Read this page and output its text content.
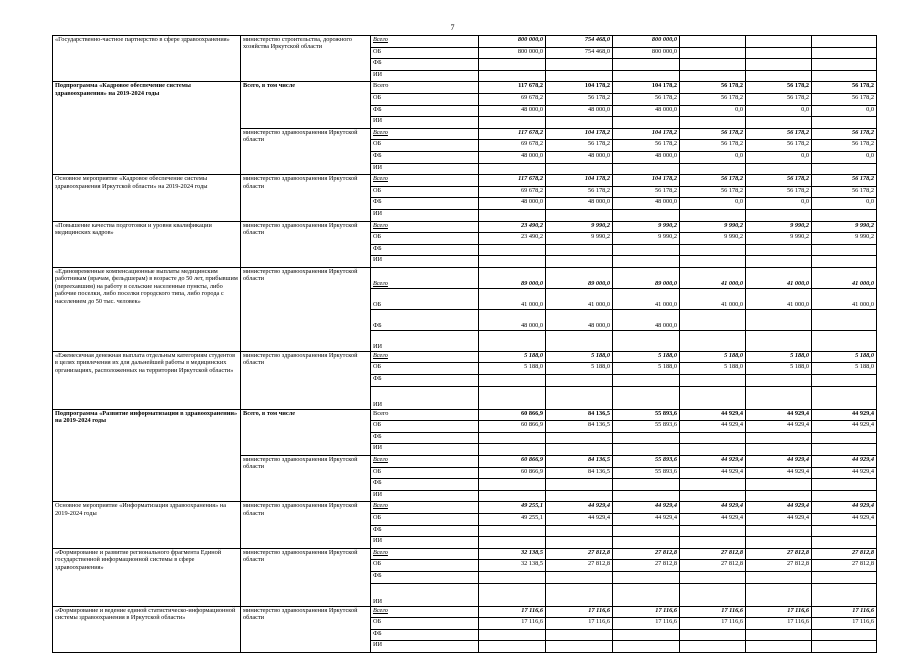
7
«Государственно-частное партнерство в сфере здравоохранения»	министерство строительства, дорожного хозяйства Иркутской области	Всего	800 000,0	754 468,0	800 000,0			
		ОБ	800 000,0	754 468,0	800 000,0			
		ФБ						
		ИИ						
Подпрограмма «Кадровое обеспечение системы здравоохранения» на 2019-2024 годы	Всего, в том числе	Всего	117 678,2	104 178,2	104 178,2	56 178,2	56 178,2	56 178,2
		ОБ	69 678,2	56 178,2	56 178,2	56 178,2	56 178,2	56 178,2
		ФБ	48 000,0	48 000,0	48 000,0	0,0	0,0	0,0
		ИИ						
	министерство здравоохранения Иркутской области	Всего	117 678,2	104 178,2	104 178,2	56 178,2	56 178,2	56 178,2
		ОБ	69 678,2	56 178,2	56 178,2	56 178,2	56 178,2	56 178,2
		ФБ	48 000,0	48 000,0	48 000,0	0,0	0,0	0,0
		ИИ						
Основное мероприятие «Кадровое обеспечение системы здравоохранения Иркутской области» на 2019-2024 годы	министерство здравоохранения Иркутской области	Всего	117 678,2	104 178,2	104 178,2	56 178,2	56 178,2	56 178,2
		ОБ	69 678,2	56 178,2	56 178,2	56 178,2	56 178,2	56 178,2
		ФБ	48 000,0	48 000,0	48 000,0	0,0	0,0	0,0
		ИИ						
«Повышение качества подготовки и уровня квалификации медицинских кадров»	министерство здравоохранения Иркутской области	Всего	23 490,2	9 990,2	9 990,2	9 990,2	9 990,2	9 990,2
		ОБ	23 490,2	9 990,2	9 990,2	9 990,2	9 990,2	9 990,2
		ФБ						
		ИИ						
«Единовременные компенсационные выплаты медицинским работникам (врачам, фельдшерам) в возрасте до 50 лет, прибывшим (переехавшим) на работу в сельские населенные пункты, либо рабочие поселки, либо поселки городского типа, либо города с населением до 50 тыс. человек»	министерство здравоохранения Иркутской области	Всего	89 000,0	89 000,0	89 000,0	41 000,0	41 000,0	41 000,0
		ОБ	41 000,0	41 000,0	41 000,0	41 000,0	41 000,0	41 000,0
		ФБ	48 000,0	48 000,0	48 000,0			
		ИИ						
«Ежемесячная денежная выплата отдельным категориям студентов в целях привлечения их для дальнейшей работы в медицинских организациях, расположенных на территории Иркутской области»	министерство здравоохранения Иркутской области	Всего	5 188,0	5 188,0	5 188,0	5 188,0	5 188,0	5 188,0
		ОБ	5 188,0	5 188,0	5 188,0	5 188,0	5 188,0	5 188,0
		ФБ						
		ИИ						
Подпрограмма «Развитие информатизации в здравоохранении» на 2019-2024 годы	Всего, в том числе	Всего	60 866,9	84 136,5	55 893,6	44 929,4	44 929,4	44 929,4
		ОБ	60 866,9	84 136,5	55 893,6	44 929,4	44 929,4	44 929,4
		ФБ						
		ИИ						
	министерство здравоохранения Иркутской области	Всего	60 866,9	84 136,5	55 893,6	44 929,4	44 929,4	44 929,4
		ОБ	60 866,9	84 136,5	55 893,6	44 929,4	44 929,4	44 929,4
		ФБ						
		ИИ						
Основное мероприятие «Информатизация здравоохранения» на 2019-2024 годы	министерство здравоохранения Иркутской области	Всего	49 255,1	44 929,4	44 929,4	44 929,4	44 929,4	44 929,4
		ОБ	49 255,1	44 929,4	44 929,4	44 929,4	44 929,4	44 929,4
		ФБ						
		ИИ						
«Формирование и развитие регионального фрагмента Единой государственной информационной системы в сфере здравоохранения»	министерство здравоохранения Иркутской области	Всего	32 138,5	27 812,8	27 812,8	27 812,8	27 812,8	27 812,8
		ОБ	32 138,5	27 812,8	27 812,8	27 812,8	27 812,8	27 812,8
		ФБ						
		ИИ						
«Формирование и ведение единой статистическо-информационной системы здравоохранения в Иркутской области»	министерство здравоохранения Иркутской области	Всего	17 116,6	17 116,6	17 116,6	17 116,6	17 116,6	17 116,6
		ОБ	17 116,6	17 116,6	17 116,6	17 116,6	17 116,6	17 116,6
		ФБ						
		ИИ						
